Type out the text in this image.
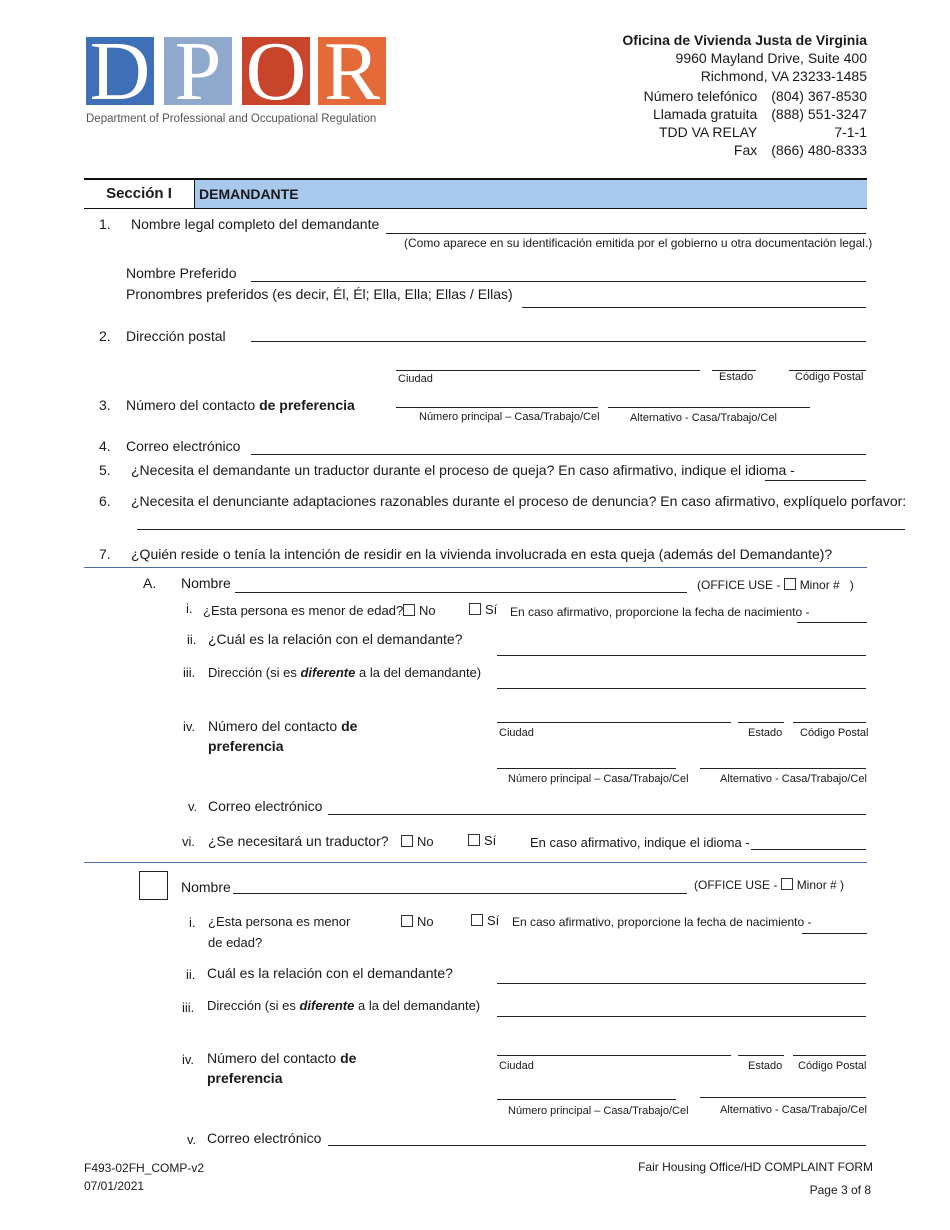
D P O R
Department of Professional and Occupational Regulation
Oficina de Vivienda Justa de Virginia
9960 Mayland Drive, Suite 400
Richmond, VA 23233-1485
Número telefónico	(804) 367-8530
Llamada gratuita	(888) 551-3247
TDD VA RELAY	7-1-1
Fax	(866) 480-8333
Sección I	DEMANDANTE
1. Nombre legal completo del demandante
(Como aparece en su identificación emitida por el gobierno u otra documentación legal.)
Nombre Preferido
Pronombres preferidos (es decir, Él, Él; Ella, Ella; Ellas / Ellas)
2. Dirección postal
Ciudad	Estado	Código Postal
3. Número del contacto de preferencia
Número principal – Casa/Trabajo/Cel	Alternativo - Casa/Trabajo/Cel
4. Correo electrónico
5. ¿Necesita el demandante un traductor durante el proceso de queja? En caso afirmativo, indique el idioma -
6. ¿Necesita el denunciante adaptaciones razonables durante el proceso de denuncia? En caso afirmativo, explíquelo porfavor:
7. ¿Quién reside o tenía la intención de residir en la vivienda involucrada en esta queja (además del Demandante)?
A. Nombre	(OFFICE USE - Minor # )
i. ¿Esta persona es menor de edad?	No	Sí En caso afirmativo, proporcione la fecha de nacimiento -
ii. ¿Cuál es la relación con el demandante?
iii. Dirección (si es diferente a la del demandante)
iv. Número del contacto de
preferencia
Ciudad	Estado Código Postal
Número principal – Casa/Trabajo/Cel	Alternativo - Casa/Trabajo/Cel
v. Correo electrónico
vi. ¿Se necesitará un traductor?	No	Sí	En caso afirmativo, indique el idioma -
Nombre	(OFFICE USE - Minor # )
i. ¿Esta persona es menor
de edad?
No	Sí En caso afirmativo, proporcione la fecha de nacimiento -
ii. Cuál es la relación con el demandante?
iii. Dirección (si es diferente a la del demandante)
iv. Número del contacto de
preferencia
Ciudad	Estado Código Postal
Número principal – Casa/Trabajo/Cel	Alternativo - Casa/Trabajo/Cel
v. Correo electrónico
F493-02FH_COMP-v2
07/01/2021
Fair Housing Office/HD COMPLAINT FORM
Page 3 of 8
